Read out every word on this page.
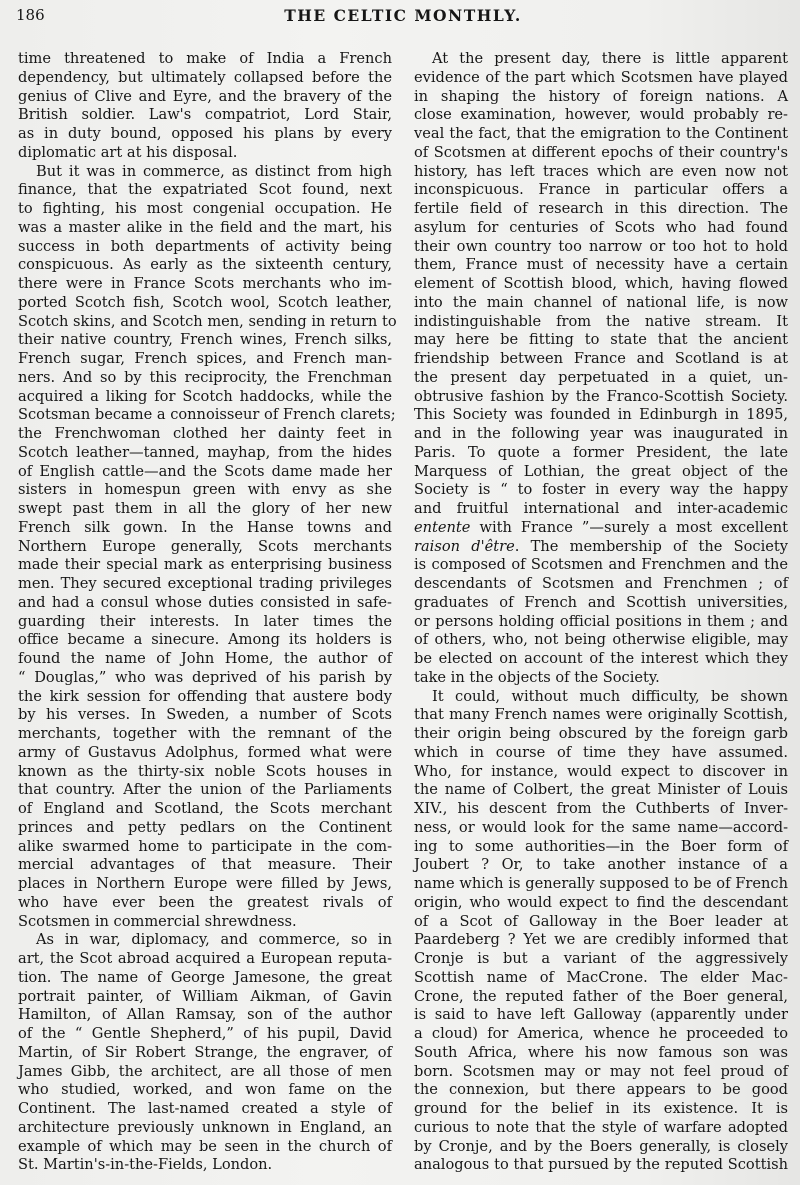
186	THE CELTIC MONTHLY.
time threatened to make of India a French
dependency, but ultimately collapsed before the
genius of Clive and Eyre, and the bravery of the
British soldier. Law's compatriot, Lord Stair,
as in duty bound, opposed his plans by every
diplomatic art at his disposal.
But it was in commerce, as distinct from high
finance, that the expatriated Scot found, next
to fighting, his most congenial occupation. He
was a master alike in the field and the mart, his
success in both departments of activity being
conspicuous. As early as the sixteenth century,
there were in France Scots merchants who im-
ported Scotch fish, Scotch wool, Scotch leather,
Scotch skins, and Scotch men, sending in return to
their native country, French wines, French silks,
French sugar, French spices, and French man-
ners. And so by this reciprocity, the Frenchman
acquired a liking for Scotch haddocks, while the
Scotsman became a connoisseur of French clarets;
the Frenchwoman clothed her dainty feet in
Scotch leather—tanned, mayhap, from the hides
of English cattle—and the Scots dame made her
sisters in homespun green with envy as she
swept past them in all the glory of her new
French silk gown. In the Hanse towns and
Northern Europe generally, Scots merchants
made their special mark as enterprising business
men. They secured exceptional trading privileges
and had a consul whose duties consisted in safe-
guarding their interests. In later times the
office became a sinecure. Among its holders is
found the name of John Home, the author of
“ Douglas,” who was deprived of his parish by
the kirk session for offending that austere body
by his verses. In Sweden, a number of Scots
merchants, together with the remnant of the
army of Gustavus Adolphus, formed what were
known as the thirty-six noble Scots houses in
that country. After the union of the Parliaments
of England and Scotland, the Scots merchant
princes and petty pedlars on the Continent
alike swarmed home to participate in the com-
mercial advantages of that measure. Their
places in Northern Europe were filled by Jews,
who have ever been the greatest rivals of
Scotsmen in commercial shrewdness.
As in war, diplomacy, and commerce, so in
art, the Scot abroad acquired a European reputa-
tion. The name of George Jamesone, the great
portrait painter, of William Aikman, of Gavin
Hamilton, of Allan Ramsay, son of the author
of the “ Gentle Shepherd,” of his pupil, David
Martin, of Sir Robert Strange, the engraver, of
James Gibb, the architect, are all those of men
who studied, worked, and won fame on the
Continent. The last-named created a style of
architecture previously unknown in England, an
example of which may be seen in the church of
St. Martin's-in-the-Fields, London.
At the present day, there is little apparent
evidence of the part which Scotsmen have played
in shaping the history of foreign nations. A
close examination, however, would probably re-
veal the fact, that the emigration to the Continent
of Scotsmen at different epochs of their country's
history, has left traces which are even now not
inconspicuous. France in particular offers a
fertile field of research in this direction. The
asylum for centuries of Scots who had found
their own country too narrow or too hot to hold
them, France must of necessity have a certain
element of Scottish blood, which, having flowed
into the main channel of national life, is now
indistinguishable from the native stream. It
may here be fitting to state that the ancient
friendship between France and Scotland is at
the present day perpetuated in a quiet, un-
obtrusive fashion by the Franco-Scottish Society.
This Society was founded in Edinburgh in 1895,
and in the following year was inaugurated in
Paris. To quote a former President, the late
Marquess of Lothian, the great object of the
Society is “ to foster in every way the happy
and fruitful international and inter-academic
entente with France ”—surely a most excellent
raison d'être. The membership of the Society
is composed of Scotsmen and Frenchmen and the
descendants of Scotsmen and Frenchmen ; of
graduates of French and Scottish universities,
or persons holding official positions in them ; and
of others, who, not being otherwise eligible, may
be elected on account of the interest which they
take in the objects of the Society.
It could, without much difficulty, be shown
that many French names were originally Scottish,
their origin being obscured by the foreign garb
which in course of time they have assumed.
Who, for instance, would expect to discover in
the name of Colbert, the great Minister of Louis
XIV., his descent from the Cuthberts of Inver-
ness, or would look for the same name—accord-
ing to some authorities—in the Boer form of
Joubert ? Or, to take another instance of a
name which is generally supposed to be of French
origin, who would expect to find the descendant
of a Scot of Galloway in the Boer leader at
Paardeberg ? Yet we are credibly informed that
Cronje is but a variant of the aggressively
Scottish name of MacCrone. The elder Mac-
Crone, the reputed father of the Boer general,
is said to have left Galloway (apparently under
a cloud) for America, whence he proceeded to
South Africa, where his now famous son was
born. Scotsmen may or may not feel proud of
the connexion, but there appears to be good
ground for the belief in its existence. It is
curious to note that the style of warfare adopted
by Cronje, and by the Boers generally, is closely
analogous to that pursued by the reputed Scottish
